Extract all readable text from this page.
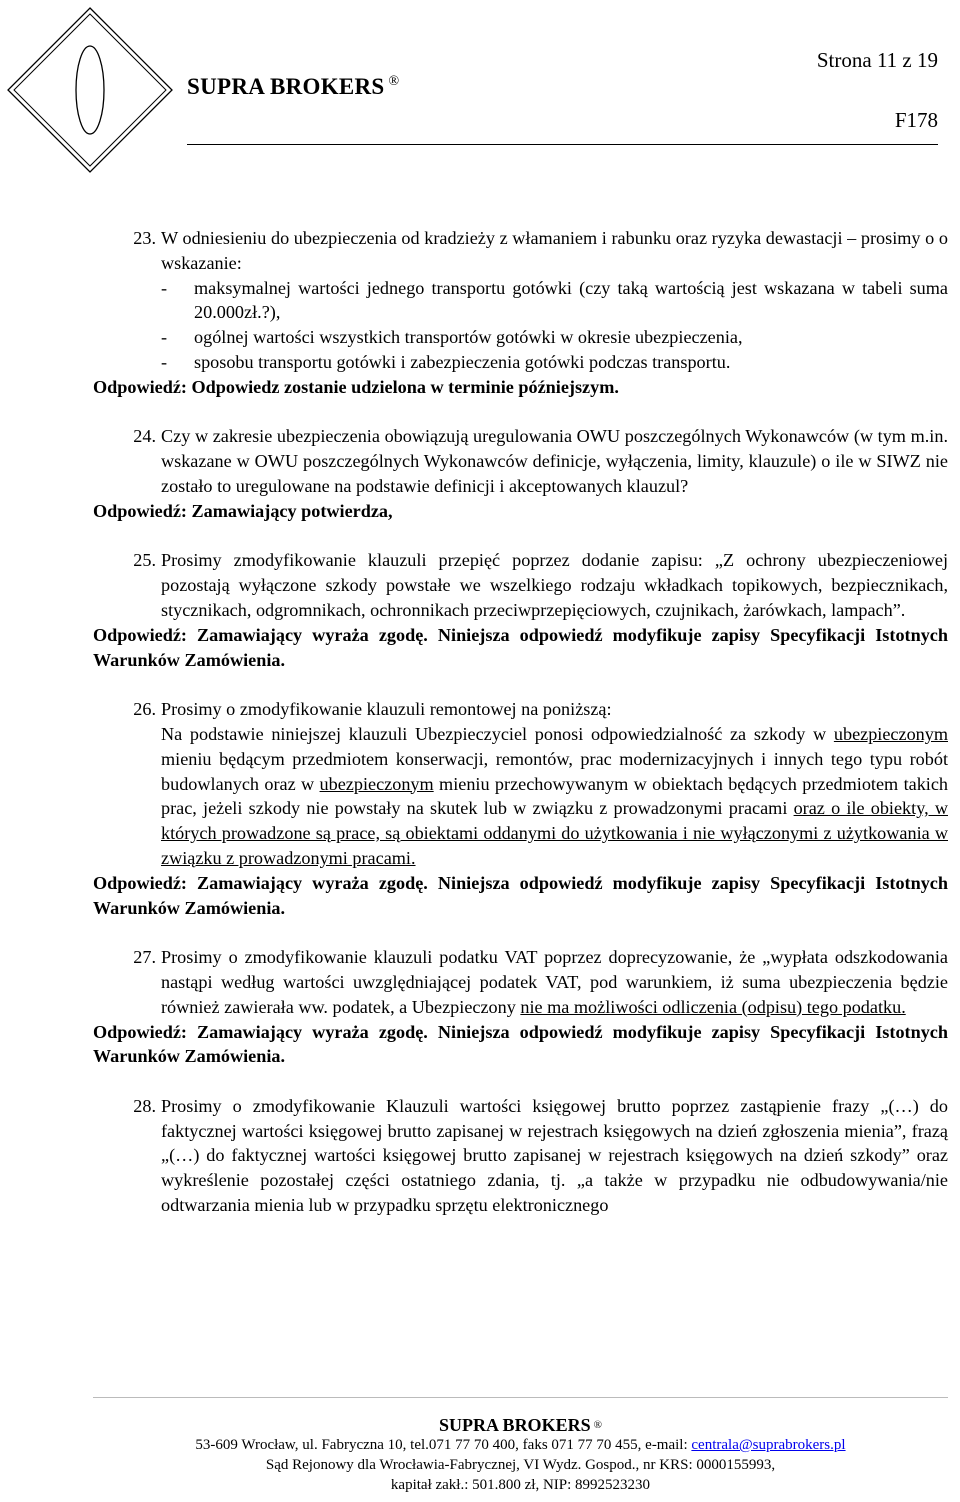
SUPRA BROKERS ®
Strona 11 z 19
F178
23. W odniesieniu do ubezpieczenia od kradzieży z włamaniem i rabunku oraz ryzyka dewastacji – prosimy o o wskazanie:
-	maksymalnej wartości jednego transportu gotówki (czy taką wartością jest wskazana w tabeli suma 20.000zł.?),
-	ogólnej wartości wszystkich transportów gotówki w okresie ubezpieczenia,
-	sposobu transportu gotówki i zabezpieczenia gotówki podczas transportu.
Odpowiedź: Odpowiedz zostanie udzielona w terminie późniejszym.
24. Czy w zakresie ubezpieczenia obowiązują uregulowania OWU poszczególnych Wykonawców (w tym m.in. wskazane w OWU poszczególnych Wykonawców definicje, wyłączenia, limity, klauzule) o ile w SIWZ nie zostało to uregulowane na podstawie definicji i akceptowanych klauzul?
Odpowiedź: Zamawiający potwierdza,
25. Prosimy zmodyfikowanie klauzuli przepięć poprzez dodanie zapisu: „Z ochrony ubezpieczeniowej pozostają wyłączone szkody powstałe we wszelkiego rodzaju wkładkach topikowych, bezpiecznikach, stycznikach, odgromnikach, ochronnikach przeciwprzepięciowych, czujnikach, żarówkach, lampach”.
Odpowiedź: Zamawiający wyraża zgodę. Niniejsza odpowiedź modyfikuje zapisy Specyfikacji Istotnych Warunków Zamówienia.
26. Prosimy o zmodyfikowanie klauzuli remontowej na poniższą:
Na podstawie niniejszej klauzuli Ubezpieczyciel ponosi odpowiedzialność za szkody w ubezpieczonym mieniu będącym przedmiotem konserwacji, remontów, prac modernizacyjnych i innych tego typu robót budowlanych oraz w ubezpieczonym mieniu przechowywanym w obiektach będących przedmiotem takich prac, jeżeli szkody nie powstały na skutek lub w związku z prowadzonymi pracami oraz o ile obiekty, w których prowadzone są prace, są obiektami oddanymi do użytkowania i nie wyłączonymi z użytkowania w związku z prowadzonymi pracami.
Odpowiedź: Zamawiający wyraża zgodę. Niniejsza odpowiedź modyfikuje zapisy Specyfikacji Istotnych Warunków Zamówienia.
27. Prosimy o zmodyfikowanie klauzuli podatku VAT poprzez doprecyzowanie, że „wypłata odszkodowania nastąpi według wartości uwzględniającej podatek VAT, pod warunkiem, iż suma ubezpieczenia będzie również zawierała ww. podatek, a Ubezpieczony nie ma możliwości odliczenia (odpisu) tego podatku.
Odpowiedź: Zamawiający wyraża zgodę. Niniejsza odpowiedź modyfikuje zapisy Specyfikacji Istotnych Warunków Zamówienia.
28. Prosimy o zmodyfikowanie Klauzuli wartości księgowej brutto poprzez zastąpienie frazy „(…) do faktycznej wartości księgowej brutto zapisanej w rejestrach księgowych na dzień zgłoszenia mienia”, frazą „(…) do faktycznej wartości księgowej brutto zapisanej w rejestrach księgowych na dzień szkody” oraz wykreślenie pozostałej części ostatniego zdania, tj. „a także w przypadku nie odbudowywania/nie odtwarzania mienia lub w przypadku sprzętu elektronicznego
SUPRA BROKERS ®
53-609 Wrocław, ul. Fabryczna 10, tel.071 77 70 400, faks 071 77 70 455, e-mail: centrala@suprabrokers.pl
Sąd Rejonowy dla Wrocławia-Fabrycznej, VI Wydz. Gospod., nr KRS: 0000155993,
kapitał zakł.: 501.800 zł, NIP: 8992523230
